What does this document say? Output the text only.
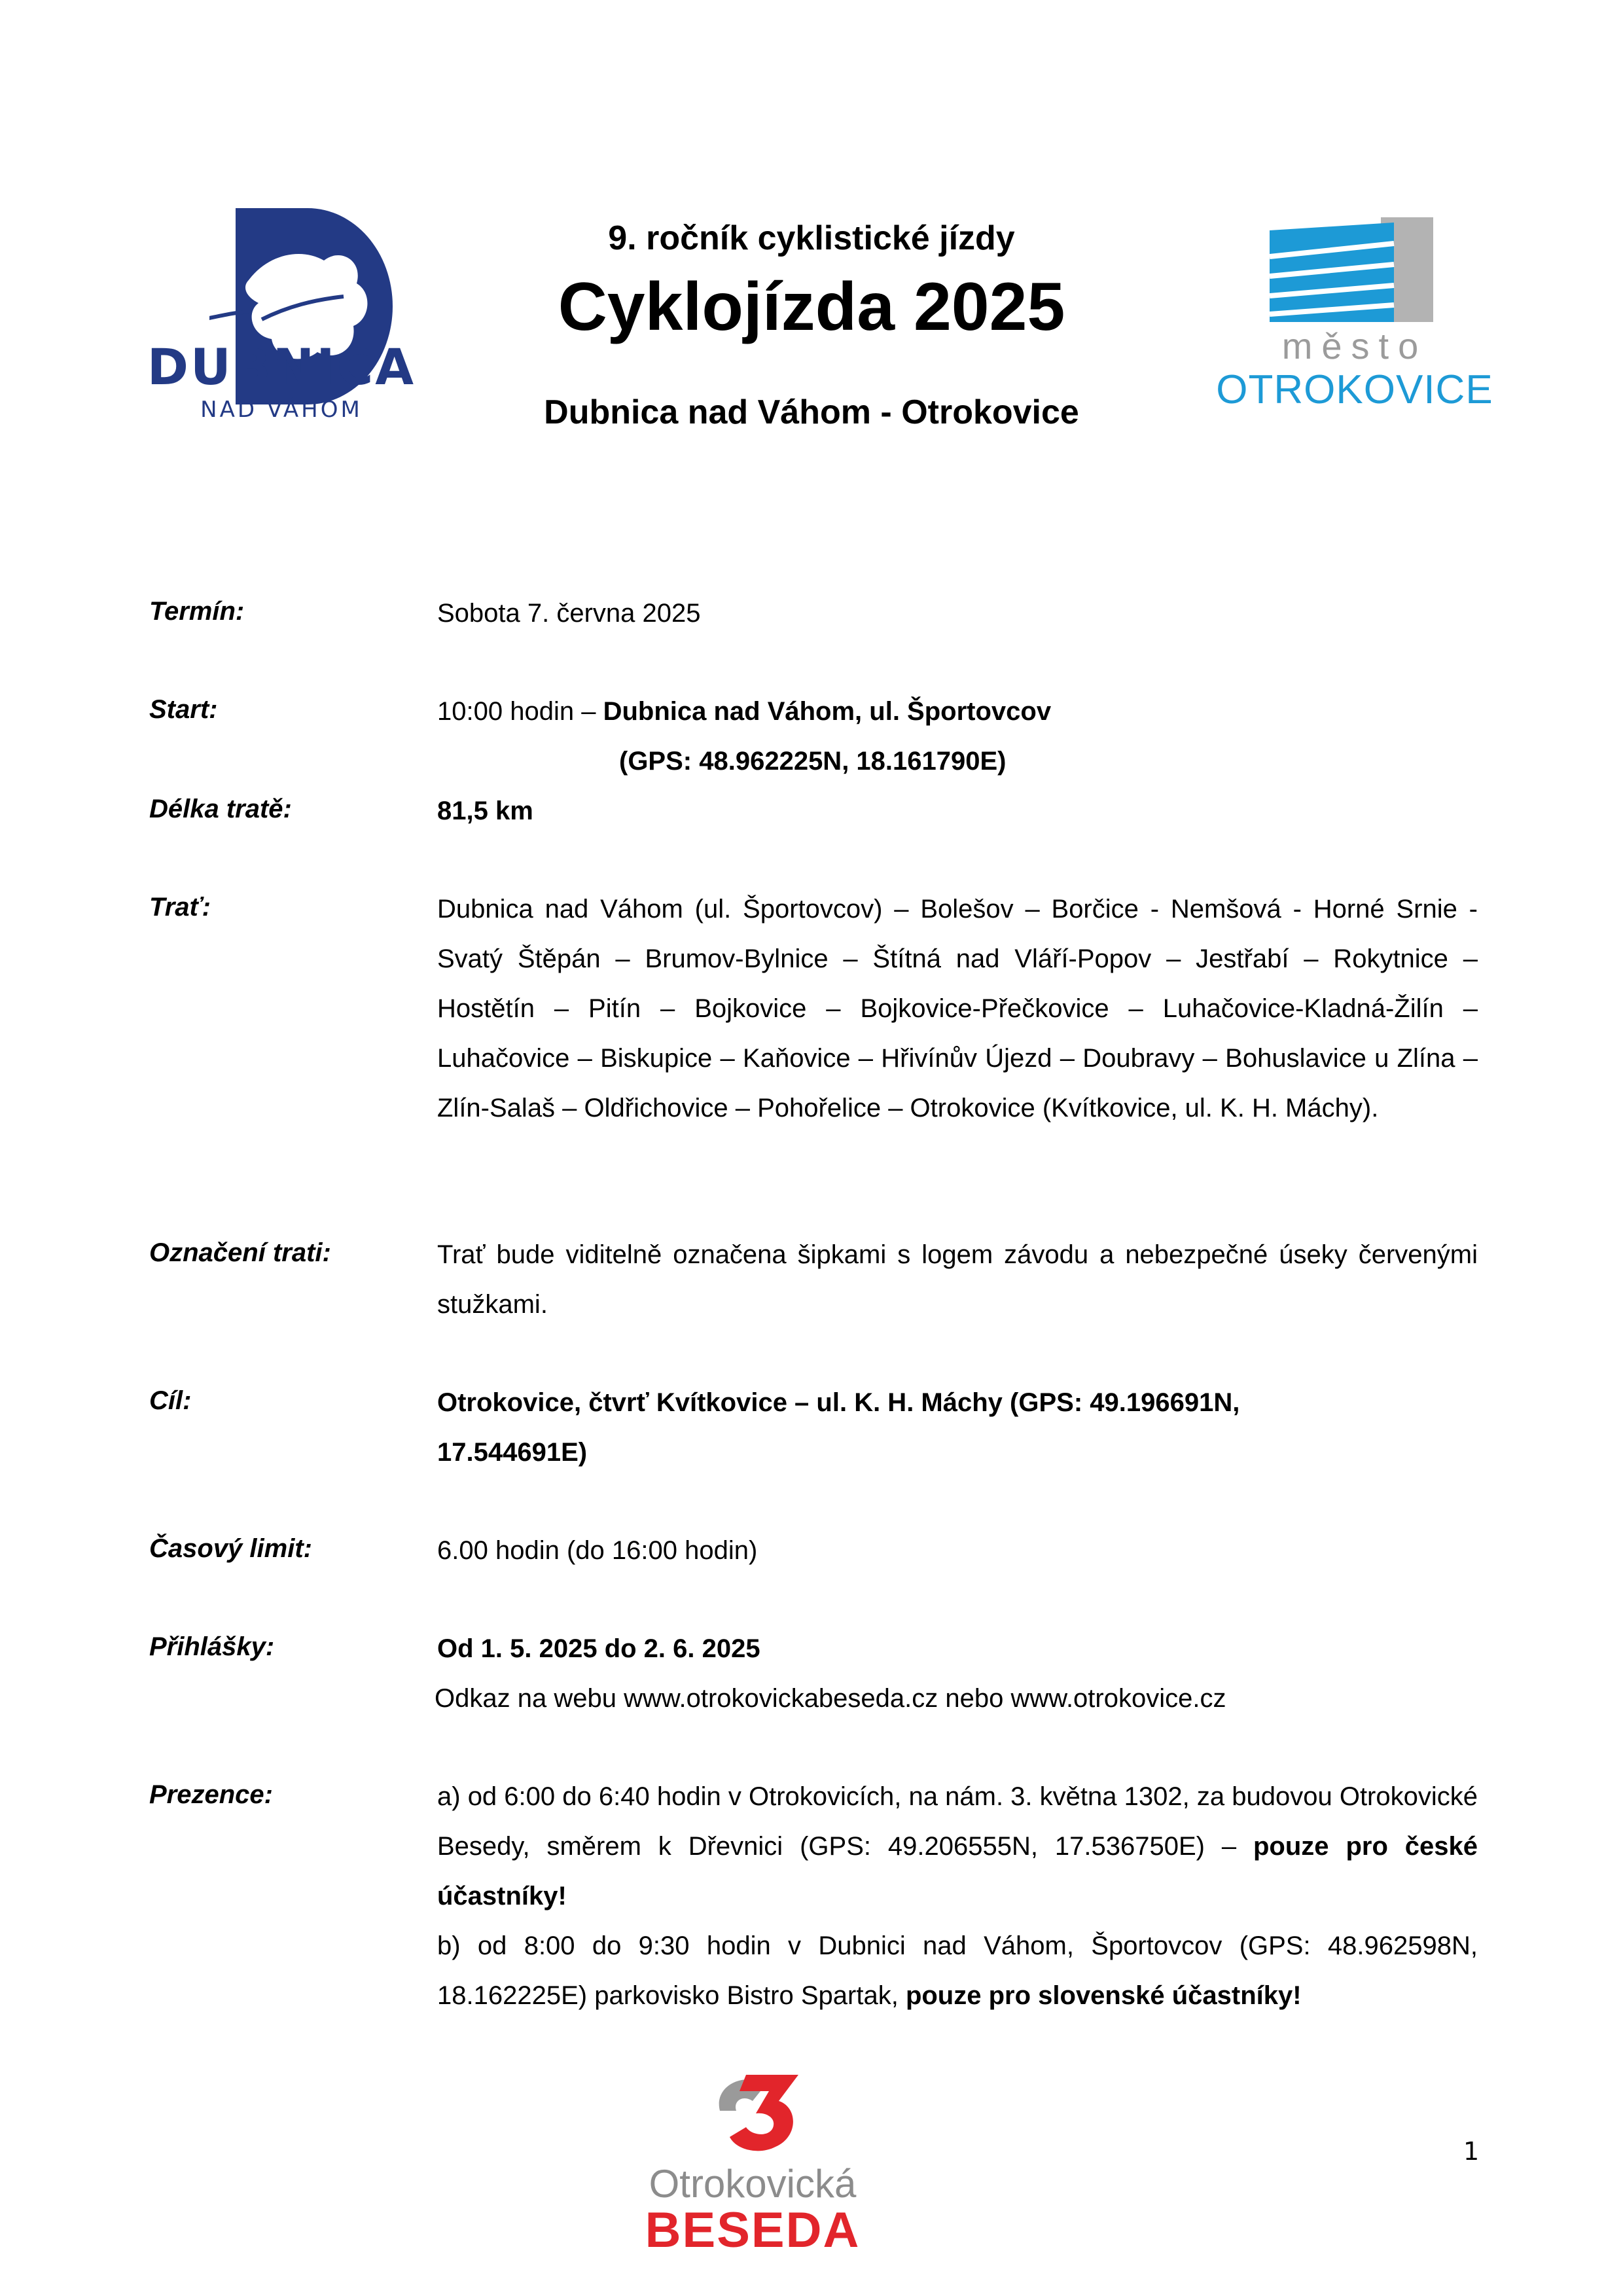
DUBNICA
NAD VÁHOM
9. ročník cyklistické jízdy
Cyklojízda 2025
Dubnica nad Váhom - Otrokovice
město
OTROKOVICE
Termín:	Sobota 7. června 2025
Start:	10:00 hodin – Dubnica nad Váhom, ul. Športovcov
(GPS: 48.962225N, 18.161790E)
Délka tratě:	81,5 km
Trať:	Dubnica nad Váhom (ul. Športovcov) – Bolešov – Borčice - Nemšová - Horné Srnie - Svatý Štěpán – Brumov-Bylnice – Štítná nad Vláří-Popov – Jestřabí – Rokytnice – Hostětín – Pitín – Bojkovice – Bojkovice-Přečkovice – Luhačovice-Kladná-Žilín – Luhačovice – Biskupice – Kaňovice – Hřivínův Újezd – Doubravy – Bohuslavice u Zlína – Zlín-Salaš – Oldřichovice – Pohořelice – Otrokovice (Kvítkovice, ul. K. H. Máchy).
Označení trati:	Trať bude viditelně označena šipkami s logem závodu a nebezpečné úseky červenými stužkami.
Cíl:	Otrokovice, čtvrť Kvítkovice – ul. K. H. Máchy (GPS: 49.196691N, 17.544691E)
Časový limit:	6.00 hodin (do 16:00 hodin)
Přihlášky:	Od 1. 5. 2025 do 2. 6. 2025
Odkaz na webu www.otrokovickabeseda.cz nebo www.otrokovice.cz
Prezence:	a) od 6:00 do 6:40 hodin v Otrokovicích, na nám. 3. května 1302, za budovou Otrokovické Besedy, směrem k Dřevnici (GPS: 49.206555N, 17.536750E) – pouze pro české účastníky!
b) od 8:00 do 9:30 hodin v Dubnici nad Váhom, Športovcov (GPS: 48.962598N, 18.162225E) parkovisko Bistro Spartak, pouze pro slovenské účastníky!
Otrokovická
BESEDA
1
